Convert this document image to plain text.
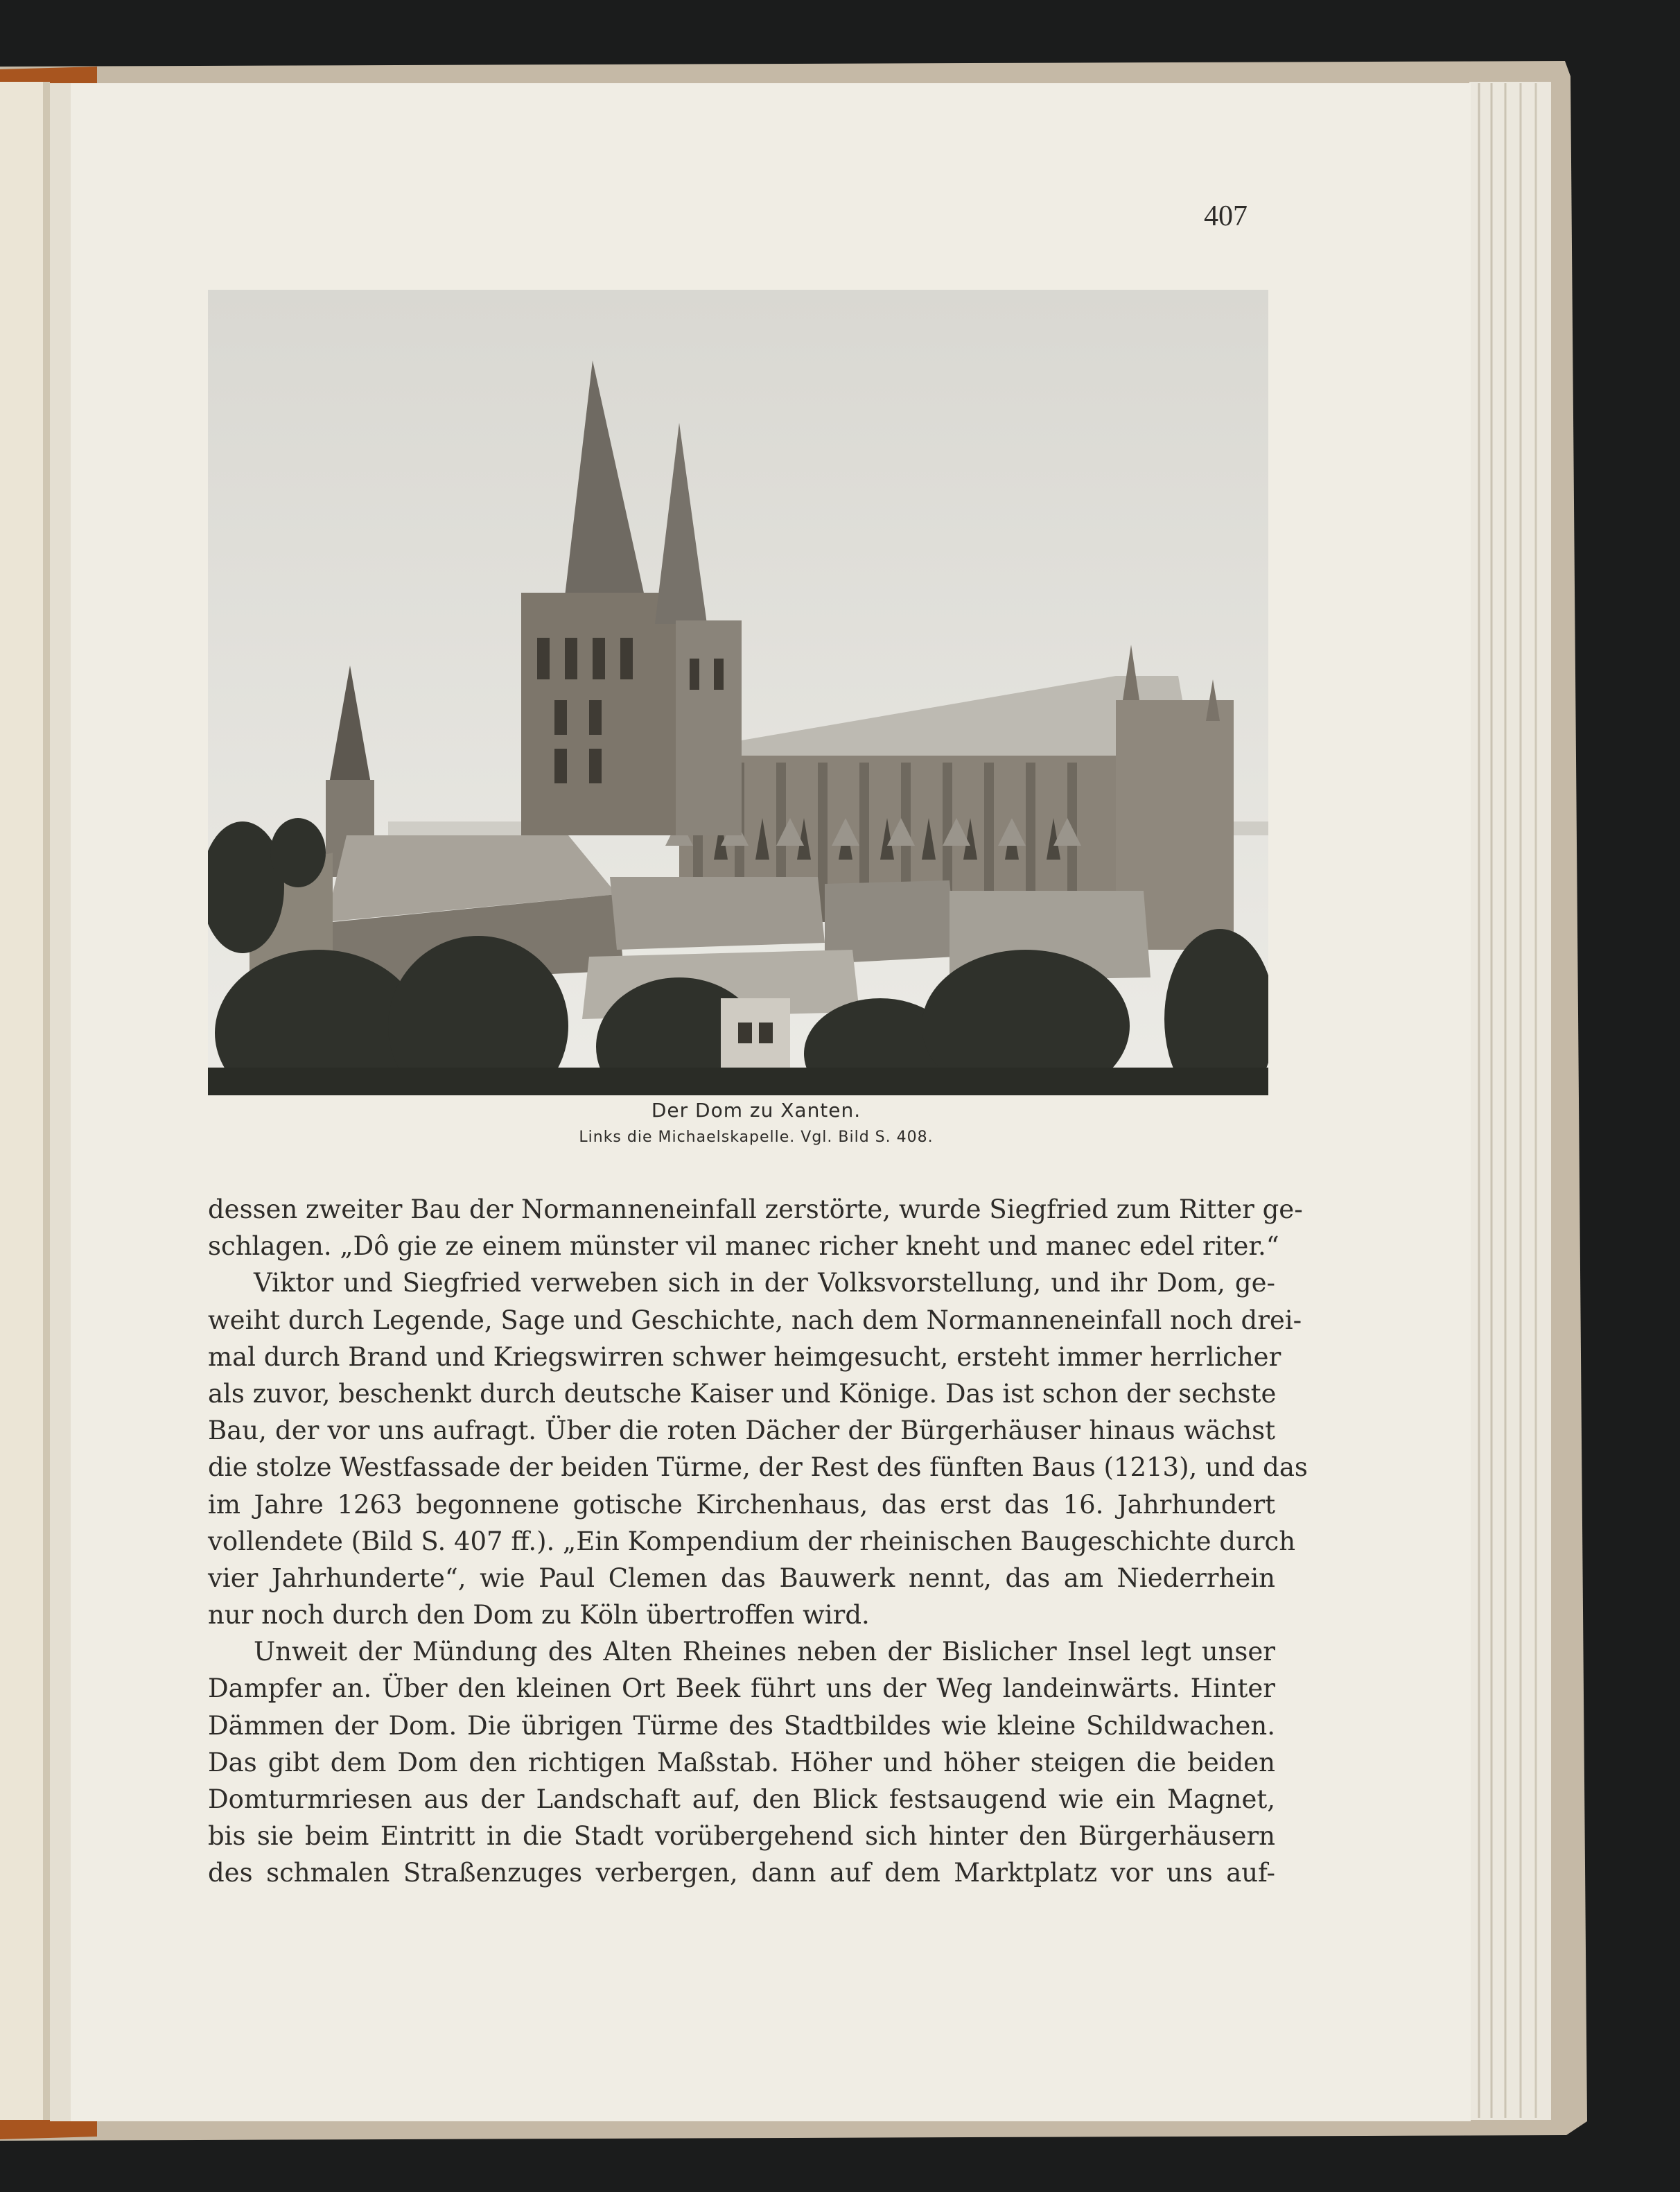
407
Der Dom zu Xanten.
Links die Michaelskapelle. Vgl. Bild S. 408.
dessen zweiter Bau der Normanneneinfall zerstörte, wurde Siegfried zum Ritter ge-
schlagen. „Dô gie ze einem münster vil manec richer kneht und manec edel riter.“
Viktor und Siegfried verweben sich in der Volksvorstellung, und ihr Dom, ge-
weiht durch Legende, Sage und Geschichte, nach dem Normanneneinfall noch drei-
mal durch Brand und Kriegswirren schwer heimgesucht, ersteht immer herrlicher
als zuvor, beschenkt durch deutsche Kaiser und Könige. Das ist schon der sechste
Bau, der vor uns aufragt. Über die roten Dächer der Bürgerhäuser hinaus wächst
die stolze Westfassade der beiden Türme, der Rest des fünften Baus (1213), und das
im Jahre 1263 begonnene gotische Kirchenhaus, das erst das 16. Jahrhundert
vollendete (Bild S. 407 ff.). „Ein Kompendium der rheinischen Baugeschichte durch
vier Jahrhunderte“, wie Paul Clemen das Bauwerk nennt, das am Niederrhein
nur noch durch den Dom zu Köln übertroffen wird.
Unweit der Mündung des Alten Rheines neben der Bislicher Insel legt unser
Dampfer an. Über den kleinen Ort Beek führt uns der Weg landeinwärts. Hinter
Dämmen der Dom. Die übrigen Türme des Stadtbildes wie kleine Schildwachen.
Das gibt dem Dom den richtigen Maßstab. Höher und höher steigen die beiden
Domturmriesen aus der Landschaft auf, den Blick festsaugend wie ein Magnet,
bis sie beim Eintritt in die Stadt vorübergehend sich hinter den Bürgerhäusern
des schmalen Straßenzuges verbergen, dann auf dem Marktplatz vor uns auf-
